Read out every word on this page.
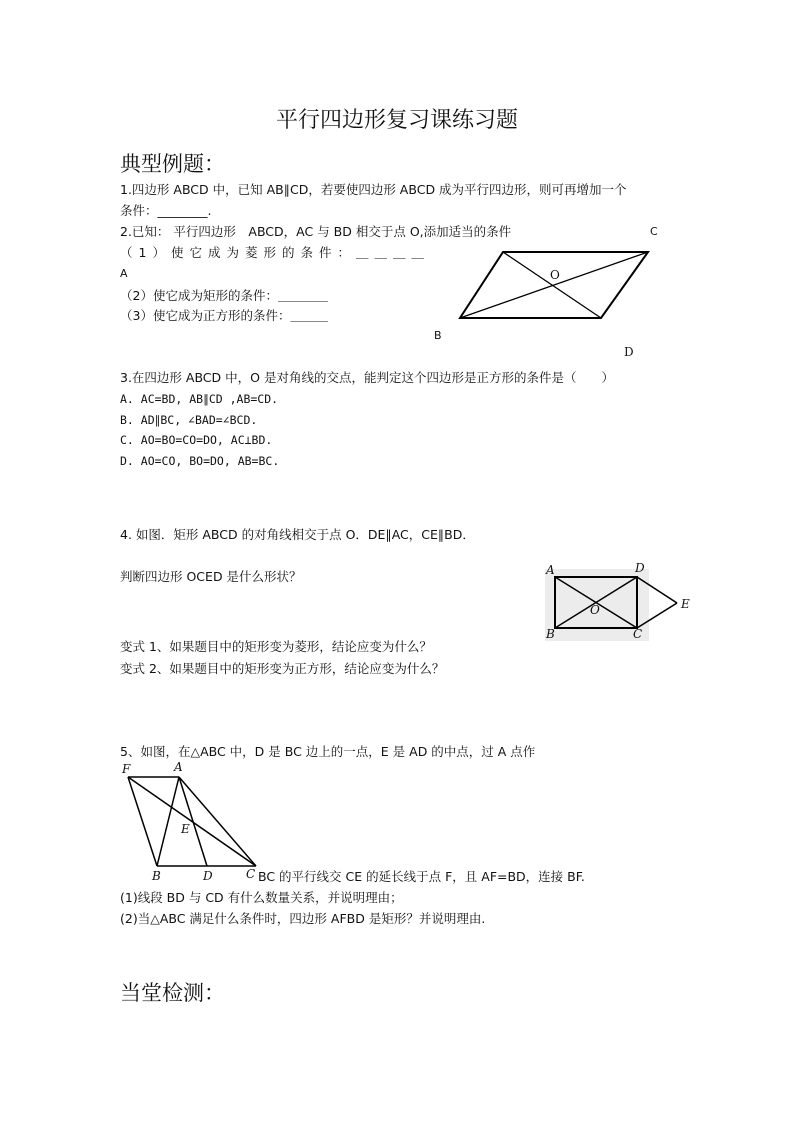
平行四边形复习课练习题
典型例题：
1.四边形 ABCD 中，已知 AB∥CD，若要使四边形 ABCD 成为平行四边形，则可再增加一个
条件：________.
2.已知： 平行四边形　ABCD，AC 与 BD 相交于点 O,添加适当的条件
（1）使它成为菱形的条件：＿＿＿＿
（2）使它成为矩形的条件：＿＿＿＿
（3）使它成为正方形的条件：＿＿＿
A
B
C
D
O
3.在四边形 ABCD 中，O 是对角线的交点，能判定这个四边形是正方形的条件是（　　）
A. AC=BD, AB∥CD ,AB=CD.
B. AD∥BC, ∠BAD=∠BCD.
C. AO=BO=CO=DO, AC⊥BD.
D. AO=CO, BO=DO, AB=BC.
4. 如图．矩形 ABCD 的对角线相交于点 O．DE∥AC，CE∥BD．
判断四边形 OCED 是什么形状？
变式 1、如果题目中的矩形变为菱形，结论应变为什么？
变式 2、如果题目中的矩形变为正方形，结论应变为什么？
A	D
E
B	C
O
5、如图，在△ABC 中，D 是 BC 边上的一点，E 是 AD 的中点，过 A 点作
BC 的平行线交 CE 的延长线于点 F，且 AF=BD，连接 BF.
(1)线段 BD 与 CD 有什么数量关系，并说明理由；
(2)当△ABC 满足什么条件时，四边形 AFBD 是矩形？并说明理由.
F	A
E
B	D	C
当堂检测：
